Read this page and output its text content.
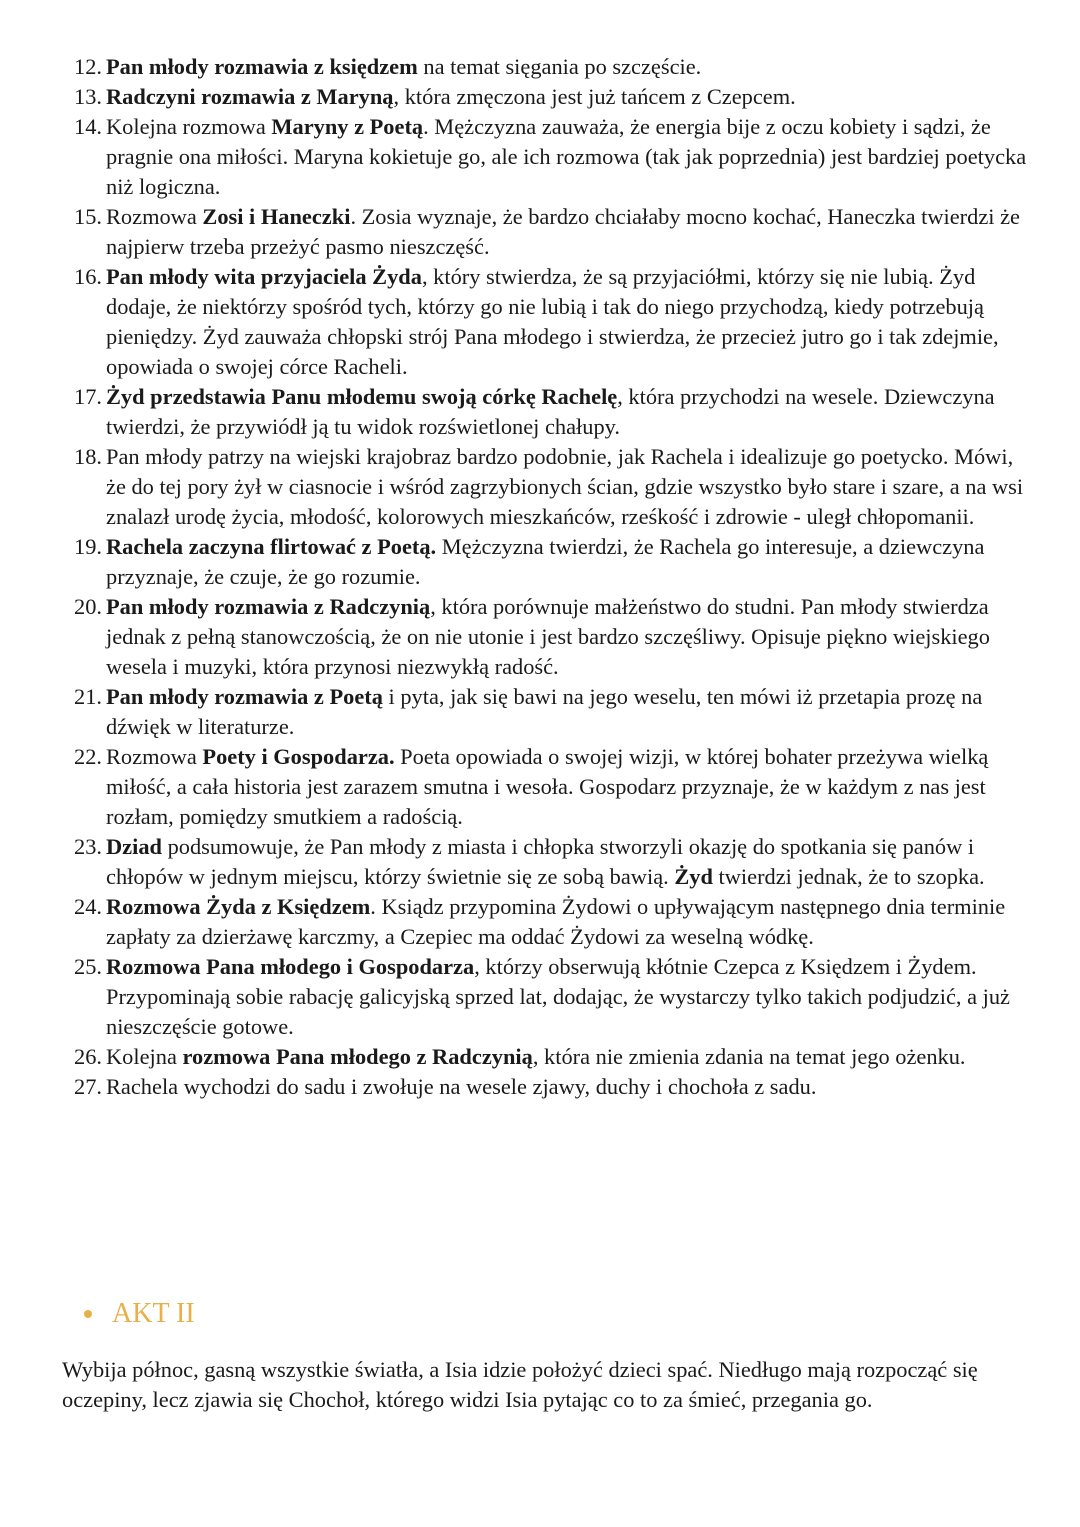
12. Pan młody rozmawia z księdzem na temat sięgania po szczęście.
13. Radczyni rozmawia z Maryną, która zmęczona jest już tańcem z Czepcem.
14. Kolejna rozmowa Maryny z Poetą. Mężczyzna zauważa, że energia bije z oczu kobiety i sądzi, że pragnie ona miłości. Maryna kokietuje go, ale ich rozmowa (tak jak poprzednia) jest bardziej poetycka niż logiczna.
15. Rozmowa Zosi i Haneczki. Zosia wyznaje, że bardzo chciałaby mocno kochać, Haneczka twierdzi że najpierw trzeba przeżyć pasmo nieszczęść.
16. Pan młody wita przyjaciela Żyda, który stwierdza, że są przyjaciółmi, którzy się nie lubią. Żyd dodaje, że niektórzy spośród tych, którzy go nie lubią i tak do niego przychodzą, kiedy potrzebują pieniędzy. Żyd zauważa chłopski strój Pana młodego i stwierdza, że przecież jutro go i tak zdejmie, opowiada o swojej córce Racheli.
17. Żyd przedstawia Panu młodemu swoją córkę Rachelę, która przychodzi na wesele. Dziewczyna twierdzi, że przywiódł ją tu widok rozświetlonej chałupy.
18. Pan młody patrzy na wiejski krajobraz bardzo podobnie, jak Rachela i idealizuje go poetycko. Mówi, że do tej pory żył w ciasnocie i wśród zagrzybionych ścian, gdzie wszystko było stare i szare, a na wsi znalazł urodę życia, młodość, kolorowych mieszkańców, rześkość i zdrowie - uległ chłopomanii.
19. Rachela zaczyna flirtować z Poetą. Mężczyzna twierdzi, że Rachela go interesuje, a dziewczyna przyznaje, że czuje, że go rozumie.
20. Pan młody rozmawia z Radczynią, która porównuje małżeństwo do studni. Pan młody stwierdza jednak z pełną stanowczością, że on nie utonie i jest bardzo szczęśliwy. Opisuje piękno wiejskiego wesela i muzyki, która przynosi niezwykłą radość.
21. Pan młody rozmawia z Poetą i pyta, jak się bawi na jego weselu, ten mówi iż przetapia prozę na dźwięk w literaturze.
22. Rozmowa Poety i Gospodarza. Poeta opowiada o swojej wizji, w której bohater przeżywa wielką miłość, a cała historia jest zarazem smutna i wesoła. Gospodarz przyznaje, że w każdym z nas jest rozłam, pomiędzy smutkiem a radością.
23. Dziad podsumowuje, że Pan młody z miasta i chłopka stworzyli okazję do spotkania się panów i chłopów w jednym miejscu, którzy świetnie się ze sobą bawią. Żyd twierdzi jednak, że to szopka.
24. Rozmowa Żyda z Księdzem. Ksiądz przypomina Żydowi o upływającym następnego dnia terminie zapłaty za dzierżawę karczmy, a Czepiec ma oddać Żydowi za weselną wódkę.
25. Rozmowa Pana młodego i Gospodarza, którzy obserwują kłótnie Czepca z Księdzem i Żydem. Przypominają sobie rabację galicyjską sprzed lat, dodając, że wystarczy tylko takich podjudzić, a już nieszczęście gotowe.
26. Kolejna rozmowa Pana młodego z Radczynią, która nie zmienia zdania na temat jego ożenku.
27. Rachela wychodzi do sadu i zwołuje na wesele zjawy, duchy i chochoła z sadu.
AKT II

Wybija północ, gasną wszystkie światła, a Isia idzie położyć dzieci spać. Niedługo mają rozpocząć się oczepiny, lecz zjawia się Chochoł, którego widzi Isia pytając co to za śmieć, przegania go.
